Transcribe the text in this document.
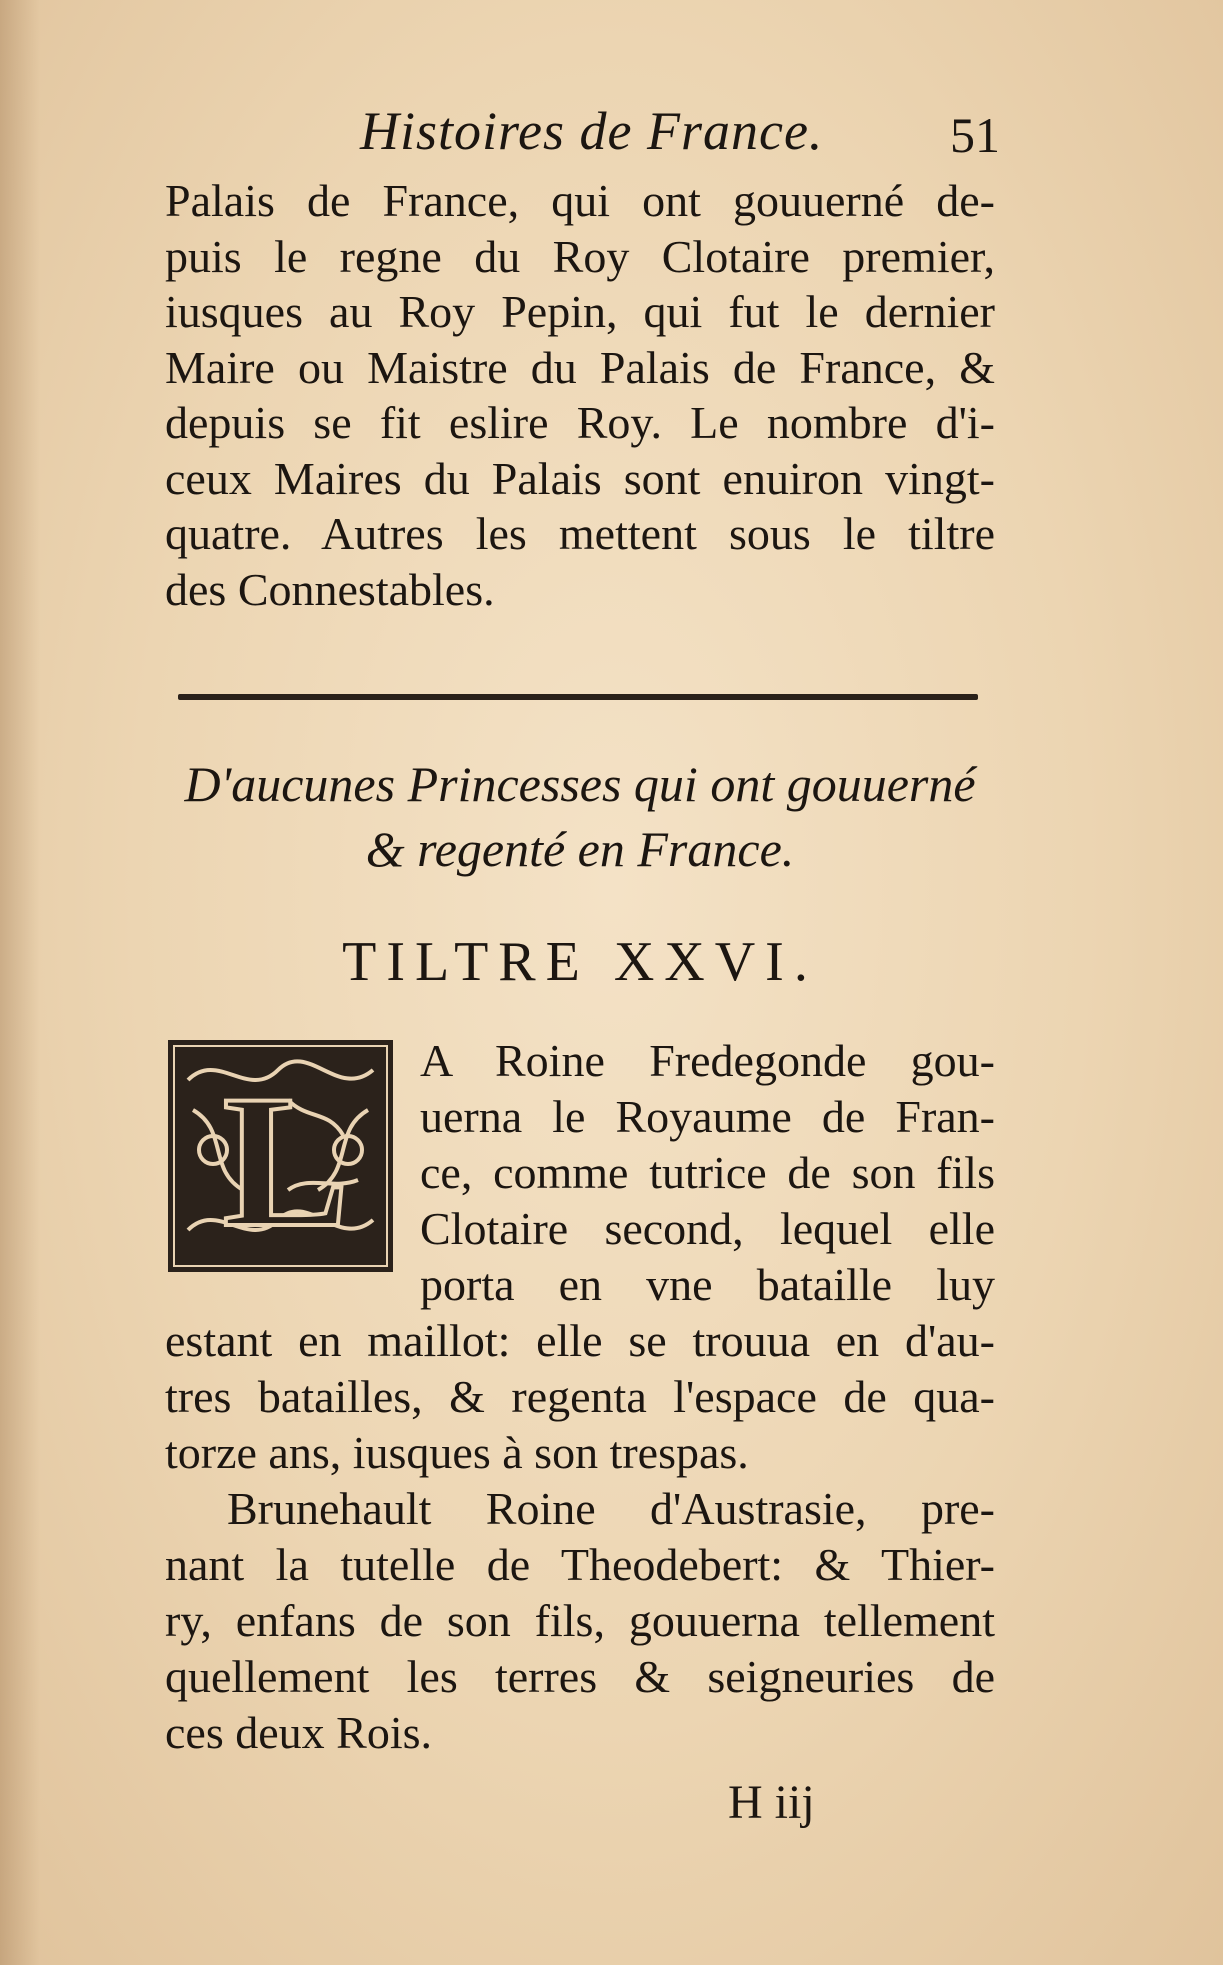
Histoires de France.	51
Palais de France, qui ont gouuerné de-
puis le regne du Roy Clotaire premier,
iusques au Roy Pepin, qui fut le dernier
Maire ou Maistre du Palais de France, &
depuis se fit eslire Roy. Le nombre d'i-
ceux Maires du Palais sont enuiron vingt-
quatre. Autres les mettent sous le tiltre
des Connestables.
D'aucunes Princesses qui ont gouuerné
& regenté en France.
TILTRE XXVI.
L A Roine Fredegonde gou-
uerna le Royaume de Fran-
ce, comme tutrice de son fils
Clotaire second, lequel elle
porta en vne bataille luy
estant en maillot: elle se trouua en d'au-
tres batailles, & regenta l'espace de qua-
torze ans, iusques à son trespas.
Brunehault Roine d'Austrasie, pre-
nant la tutelle de Theodebert: & Thier-
ry, enfans de son fils, gouuerna tellement
quellement les terres & seigneuries de
ces deux Rois.
H iij
